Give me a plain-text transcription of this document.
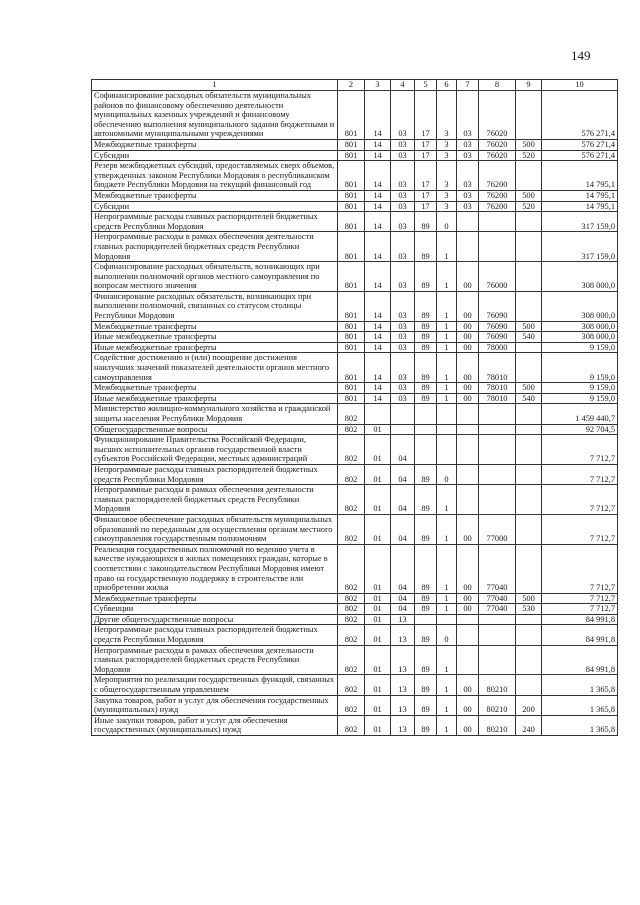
149
1	2	3	4	5	6	7	8	9	10
Софинансирование расходных обязательств муниципальных районов по финансовому обеспечению деятельности муниципальных казенных учреждений и финансовому обеспечению выполнения муниципального задания бюджетными и автономными муниципальными учреждениями	801	14	03	17	3	03	76020		576 271,4
Межбюджетные трансферты	801	14	03	17	3	03	76020	500	576 271,4
Субсидии	801	14	03	17	3	03	76020	520	576 271,4
Резерв межбюджетных субсидий, предоставляемых сверх объемов, утвержденных законом Республики Мордовия о республиканском бюджете Республики Мордовия на текущий финансовый год	801	14	03	17	3	03	76200		14 795,1
Межбюджетные трансферты	801	14	03	17	3	03	76200	500	14 795,1
Субсидии	801	14	03	17	3	03	76200	520	14 795,1
Непрограммные расходы главных распорядителей бюджетных средств Республики Мордовия	801	14	03	89	0				317 159,0
Непрограммные расходы в рамках обеспечения деятельности главных распорядителей бюджетных средств Республики Мордовия	801	14	03	89	1				317 159,0
Софинансирование расходных обязательств, возникающих при выполнении полномочий органов местного самоуправления по вопросам местного значения	801	14	03	89	1	00	76000		308 000,0
Финансирование расходных обязательств, возникающих при выполнении полномочий, связанных со статусом столицы Республики Мордовия	801	14	03	89	1	00	76090		308 000,0
Межбюджетные трансферты	801	14	03	89	1	00	76090	500	308 000,0
Иные межбюджетные трансферты	801	14	03	89	1	00	76090	540	308 000,0
Иные межбюджетные трансферты	801	14	03	89	1	00	78000		9 159,0
Содействие достижению и (или) поощрение достижения наилучших значений показателей деятельности органов местного самоуправления	801	14	03	89	1	00	78010		9 159,0
Межбюджетные трансферты	801	14	03	89	1	00	78010	500	9 159,0
Иные межбюджетные трансферты	801	14	03	89	1	00	78010	540	9 159,0
Министерство жилищно-коммунального хозяйства и гражданской защиты населения Республики Мордовия	802								1 459 440,7
Общегосударственные вопросы	802	01							92 704,5
Функционирование Правительства Российской Федерации, высших исполнительных органов государственной власти субъектов Российской Федерации, местных администраций	802	01	04						7 712,7
Непрограммные расходы главных распорядителей бюджетных средств Республики Мордовия	802	01	04	89	0				7 712,7
Непрограммные расходы в рамках обеспечения деятельности главных распорядителей бюджетных средств Республики Мордовия	802	01	04	89	1				7 712,7
Финансовое обеспечение расходных обязательств муниципальных образований по переданным для осуществления органам местного самоуправления государственным полномочиям	802	01	04	89	1	00	77000		7 712,7
Реализация государственных полномочий по ведению учета в качестве нуждающихся в жилых помещениях граждан, которые в соответствии с законодательством Республики Мордовия имеют право на государственную поддержку в строительстве или приобретении жилья	802	01	04	89	1	00	77040		7 712,7
Межбюджетные трансферты	802	01	04	89	1	00	77040	500	7 712,7
Субвенции	802	01	04	89	1	00	77040	530	7 712,7
Другие общегосударственные вопросы	802	01	13						84 991,8
Непрограммные расходы главных распорядителей бюджетных средств Республики Мордовия	802	01	13	89	0				84 991,8
Непрограммные расходы в рамках обеспечения деятельности главных распорядителей бюджетных средств Республики Мордовия	802	01	13	89	1				84 991,8
Мероприятия по реализации государственных функций, связанных с общегосударственным управлением	802	01	13	89	1	00	80210		1 365,8
Закупка товаров, работ и услуг для обеспечения государственных (муниципальных) нужд	802	01	13	89	1	00	80210	200	1 365,8
Иные закупки товаров, работ и услуг для обеспечения государственных (муниципальных) нужд	802	01	13	89	1	00	80210	240	1 365,8
